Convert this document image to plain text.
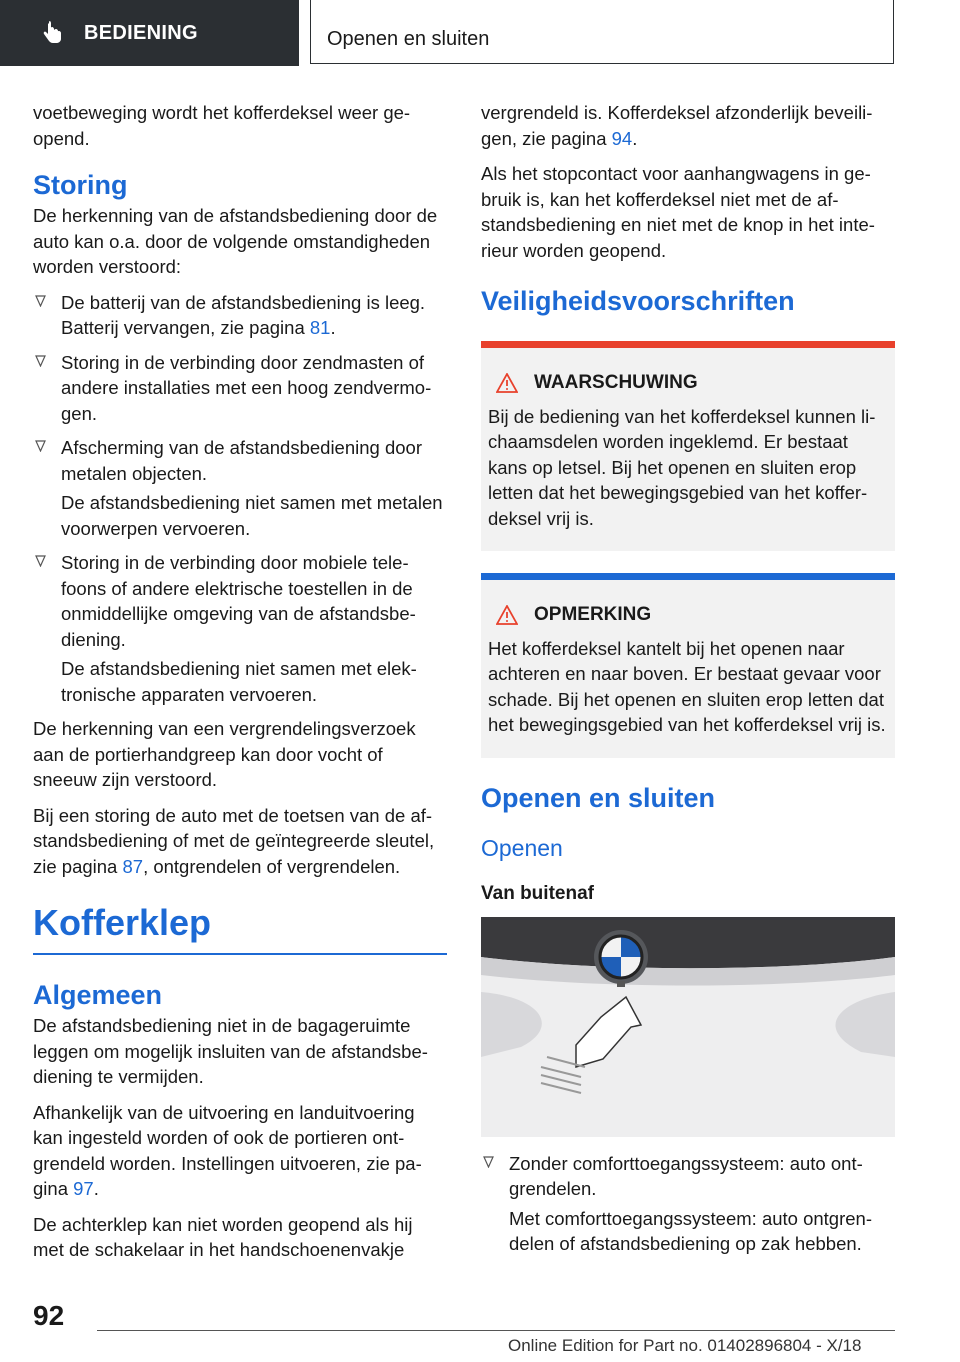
BEDIENING	Openen en sluiten

voetbeweging wordt het kofferdeksel weer geopend.

Storing

De herkenning van de afstandsbediening door de auto kan o.a. door de volgende omstandigheden worden verstoord:

De batterij van de afstandsbediening is leeg. Batterij vervangen, zie pagina 81.

Storing in de verbinding door zendmasten of andere installaties met een hoog zendvermogen.

Afscherming van de afstandsbediening door metalen objecten.

De afstandsbediening niet samen met metalen voorwerpen vervoeren.

Storing in de verbinding door mobiele telefoons of andere elektrische toestellen in de onmiddellijke omgeving van de afstandsbediening.

De afstandsbediening niet samen met elektronische apparaten vervoeren.

De herkenning van een vergrendelingsverzoek aan de portierhandgreep kan door vocht of sneeuw zijn verstoord.

Bij een storing de auto met de toetsen van de afstandsbediening of met de geïntegreerde sleutel, zie pagina 87, ontgrendelen of vergrendelen.

Kofferklep
Algemeen

De afstandsbediening niet in de bagageruimte leggen om mogelijk insluiten van de afstandsbediening te vermijden.

Afhankelijk van de uitvoering en landuitvoering kan ingesteld worden of ook de portieren ontgrendeld worden. Instellingen uitvoeren, zie pagina 97.

De achterklep kan niet worden geopend als hij met de schakelaar in het handschoenenvakje

vergrendeld is. Kofferdeksel afzonderlijk beveiligen, zie pagina 94.

Als het stopcontact voor aanhangwagens in gebruik is, kan het kofferdeksel niet met de afstandsbediening en niet met de knop in het interieur worden geopend.

Veiligheidsvoorschriften
WAARSCHUWING

Bij de bediening van het kofferdeksel kunnen lichaamsdelen worden ingeklemd. Er bestaat kans op letsel. Bij het openen en sluiten erop letten dat het bewegingsgebied van het kofferdeksel vrij is.

OPMERKING

Het kofferdeksel kantelt bij het openen naar achteren en naar boven. Er bestaat gevaar voor schade. Bij het openen en sluiten erop letten dat het bewegingsgebied van het kofferdeksel vrij is.

Openen en sluiten
Openen
Van buitenaf

Zonder comforttoegangssysteem: auto ontgrendelen.

Met comforttoegangssysteem: auto ontgrendelen of afstandsbediening op zak hebben.

92
Online Edition for Part no. 01402896804 - X/18
